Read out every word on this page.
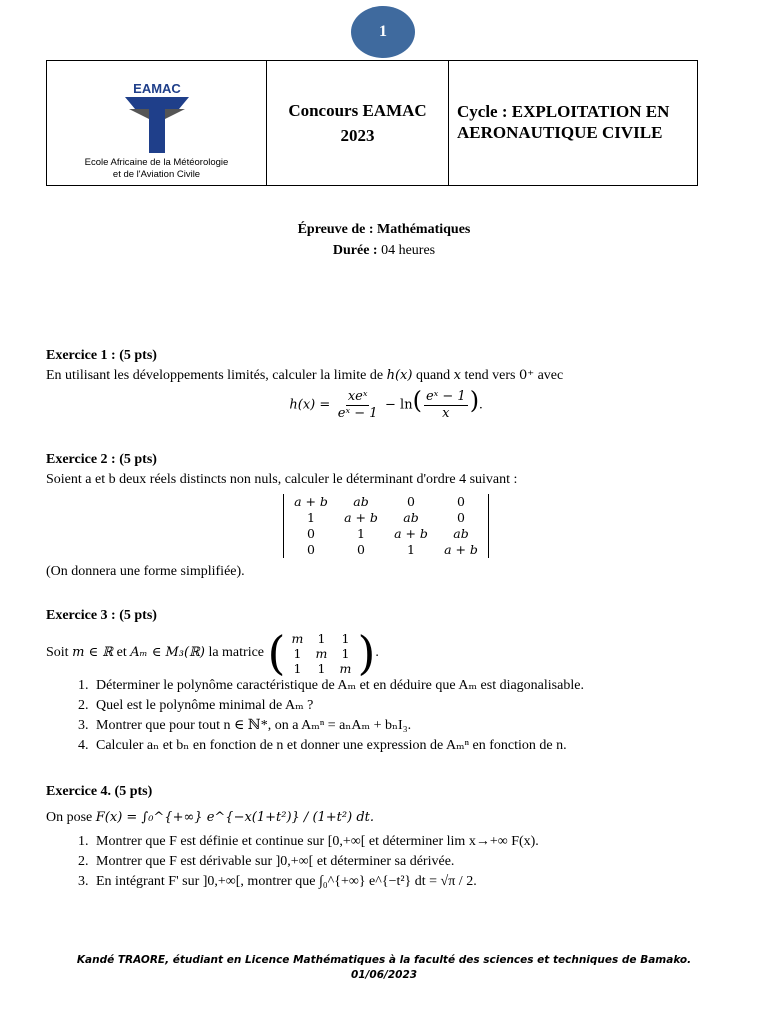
1
EAMAC
Ecole Africaine de la Météorologie
et de l'Aviation Civile
Concours EAMAC
2023
Cycle : EXPLOITATION EN AERONAUTIQUE CIVILE
Épreuve de : Mathématiques
Durée : 04 heures
Exercice 1 : (5 pts)
En utilisant les développements limités, calculer la limite de h(x) quand x tend vers 0⁺ avec
$h(x) = \frac{\text{xeˣ}}{\text{eˣ − 1}} - \ln( \frac{\text{eˣ − 1}}{x}$ ).
Exercice 2 : (5 pts)
Soient a et b deux réels distincts non nuls, calculer le déterminant d'ordre 4 suivant :
a + b	ab	0	0
1	a + b	ab	0
0	1	a + b	ab
0	0	1	a + b
(On donnera une forme simplifiée).
Exercice 3 : (5 pts)
Soit m ∈ ℝ et Aₘ ∈ M₃(ℝ) la matrice ( m	1	1
1	m	1
1	1	m ) .
1. Déterminer le polynôme caractéristique de Aₘ et en déduire que Aₘ est diagonalisable.
2. Quel est le polynôme minimal de Aₘ ?
3. Montrer que pour tout n ∈ ℕ*, on a Aₘⁿ = aₙAₘ + bₙI₃.
4. Calculer aₙ et bₙ en fonction de n et donner une expression de Aₘⁿ en fonction de n.
Exercice 4. (5 pts)
On pose F(x) = ∫₀^{+∞} e^{−x(1+t²)} / (1+t²) dt.
1. Montrer que F est définie et continue sur [0,+∞[ et déterminer lim x→+∞ F(x).
2. Montrer que F est dérivable sur ]0,+∞[ et déterminer sa dérivée.
3. En intégrant F' sur ]0,+∞[, montrer que ∫₀^{+∞} e^{−t²} dt = √π / 2.
Kandé TRAORE, étudiant en Licence Mathématiques à la faculté des sciences et techniques de Bamako.
01/06/2023
